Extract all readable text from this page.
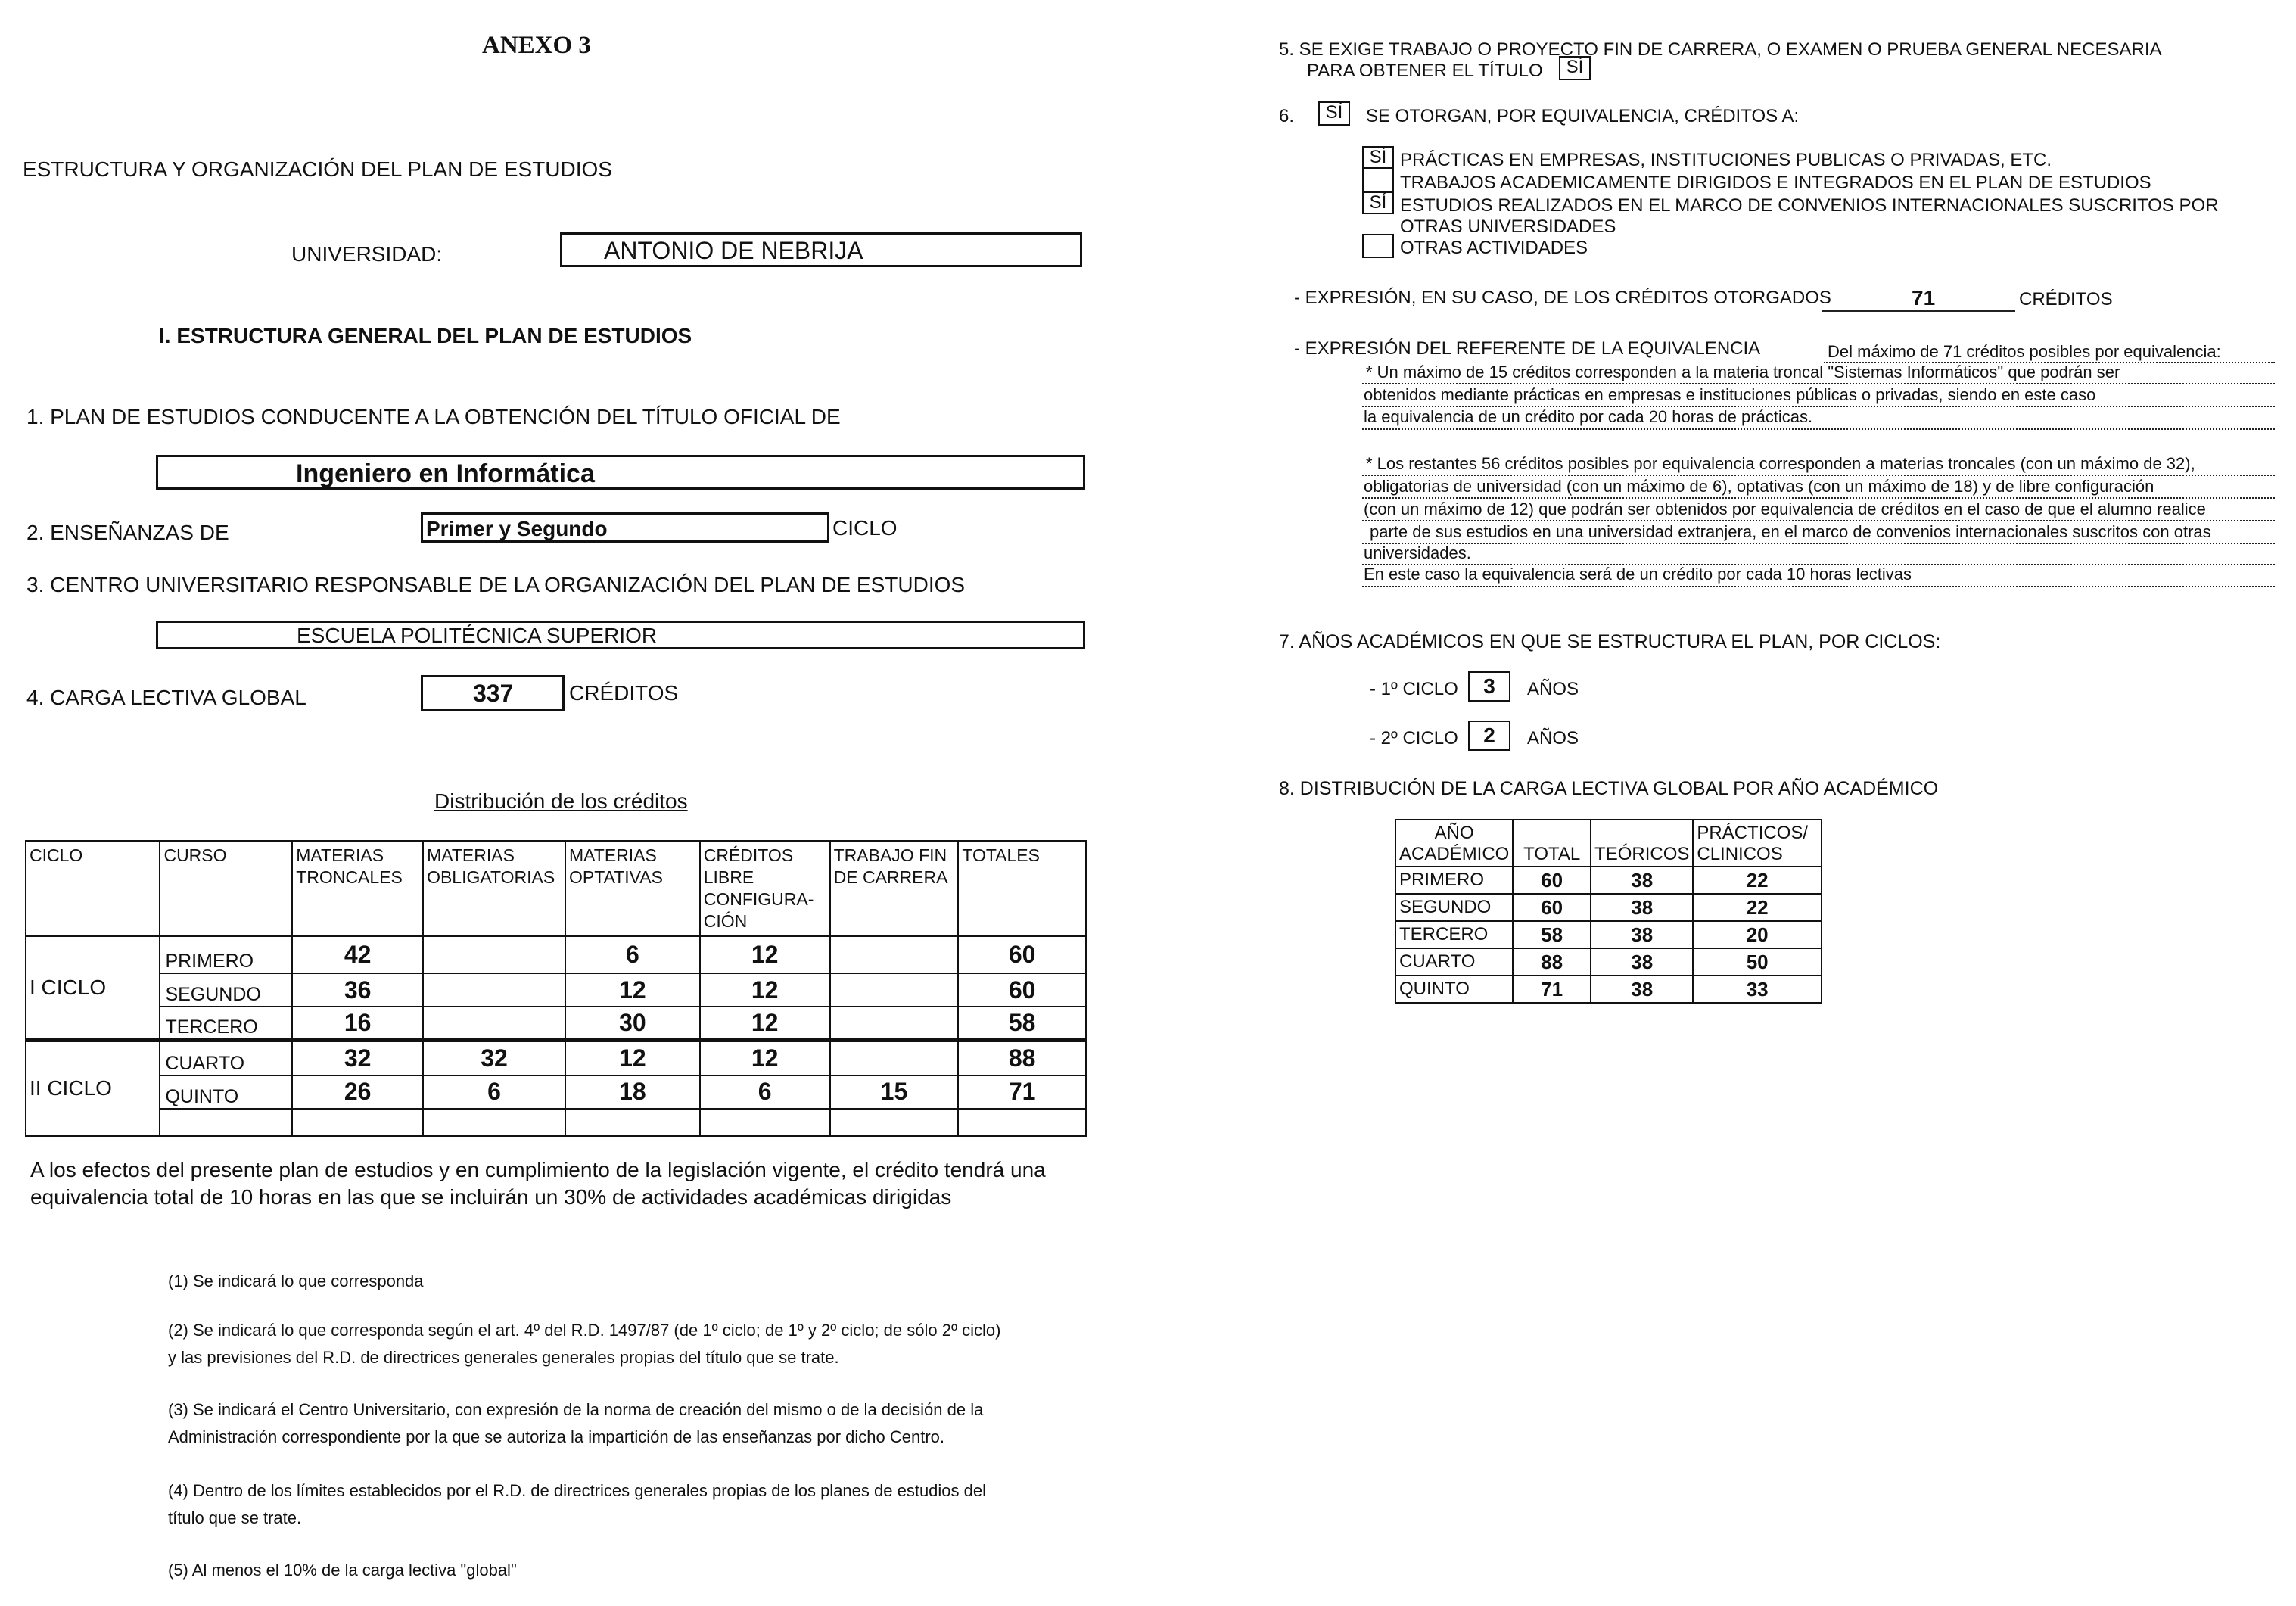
ANEXO 3
ESTRUCTURA Y ORGANIZACIÓN DEL PLAN DE ESTUDIOS
UNIVERSIDAD:	ANTONIO DE NEBRIJA
I. ESTRUCTURA GENERAL DEL PLAN DE ESTUDIOS
1. PLAN DE ESTUDIOS CONDUCENTE A LA OBTENCIÓN DEL TÍTULO OFICIAL DE
Ingeniero en Informática
2. ENSEÑANZAS DE	Primer y Segundo	CICLO
3. CENTRO UNIVERSITARIO RESPONSABLE DE LA ORGANIZACIÓN DEL PLAN DE ESTUDIOS
ESCUELA POLITÉCNICA SUPERIOR
4. CARGA LECTIVA GLOBAL	337	CRÉDITOS
Distribución de los créditos
CICLO	CURSO	MATERIAS TRONCALES	MATERIAS OBLIGATORIAS	MATERIAS OPTATIVAS	CRÉDITOS LIBRE CONFIGURA-CIÓN	TRABAJO FIN DE CARRERA	TOTALES
I CICLO	PRIMERO	42		6	12		60
	SEGUNDO	36		12	12		60
	TERCERO	16		30	12		58
II CICLO	CUARTO	32	32	12	12		88
	QUINTO	26	6	18	6	15	71

A los efectos del presente plan de estudios y en cumplimiento de la legislación vigente, el crédito tendrá una
equivalencia total de 10 horas en las que se incluirán un 30% de actividades académicas dirigidas
(1) Se indicará lo que corresponda
(2) Se indicará lo que corresponda según el art. 4º del R.D. 1497/87 (de 1º ciclo; de 1º y 2º ciclo; de sólo 2º ciclo)
y las previsiones del R.D. de directrices generales generales propias del título que se trate.
(3) Se indicará el Centro Universitario, con expresión de la norma de creación del mismo o de la decisión de la
Administración correspondiente por la que se autoriza la impartición de las enseñanzas por dicho Centro.
(4) Dentro de los límites establecidos por el R.D. de directrices generales propias de los planes de estudios del
título que se trate.
(5) Al menos el 10% de la carga lectiva "global"
5. SE EXIGE TRABAJO O PROYECTO FIN DE CARRERA, O EXAMEN O PRUEBA GENERAL NECESARIA
PARA OBTENER EL TÍTULO	SÍ
6.	SÍ	SE OTORGAN, POR EQUIVALENCIA, CRÉDITOS A:
SÍ PRÁCTICAS EN EMPRESAS, INSTITUCIONES PUBLICAS O PRIVADAS, ETC.
TRABAJOS ACADEMICAMENTE DIRIGIDOS E INTEGRADOS EN EL PLAN DE ESTUDIOS
SÍ ESTUDIOS REALIZADOS EN EL MARCO DE CONVENIOS INTERNACIONALES SUSCRITOS POR
OTRAS UNIVERSIDADES
OTRAS ACTIVIDADES
- EXPRESIÓN, EN SU CASO, DE LOS CRÉDITOS OTORGADOS	71	CRÉDITOS
- EXPRESIÓN DEL REFERENTE DE LA EQUIVALENCIA	Del máximo de 71 créditos posibles por equivalencia:
* Un máximo de 15 créditos corresponden a la materia troncal "Sistemas Informáticos" que podrán ser
obtenidos mediante prácticas en empresas e instituciones públicas o privadas, siendo en este caso
la equivalencia de un crédito por cada 20 horas de prácticas.
* Los restantes 56 créditos posibles por equivalencia corresponden a materias troncales (con un máximo de 32),
obligatorias de universidad (con un máximo de 6), optativas (con un máximo de 18) y de libre configuración
(con un máximo de 12) que podrán ser obtenidos por equivalencia de créditos en el caso de que el alumno realice
parte de sus estudios en una universidad extranjera, en el marco de convenios internacionales suscritos con otras
universidades.
En este caso la equivalencia será de un crédito por cada 10 horas lectivas
7. AÑOS ACADÉMICOS EN QUE SE ESTRUCTURA EL PLAN, POR CICLOS:
- 1º CICLO	3	AÑOS
- 2º CICLO	2	AÑOS
8. DISTRIBUCIÓN DE LA CARGA LECTIVA GLOBAL POR AÑO ACADÉMICO
AÑO ACADÉMICO	TOTAL	TEÓRICOS	PRÁCTICOS/ CLINICOS
PRIMERO	60	38	22
SEGUNDO	60	38	22
TERCERO	58	38	20
CUARTO	88	38	50
QUINTO	71	38	33
